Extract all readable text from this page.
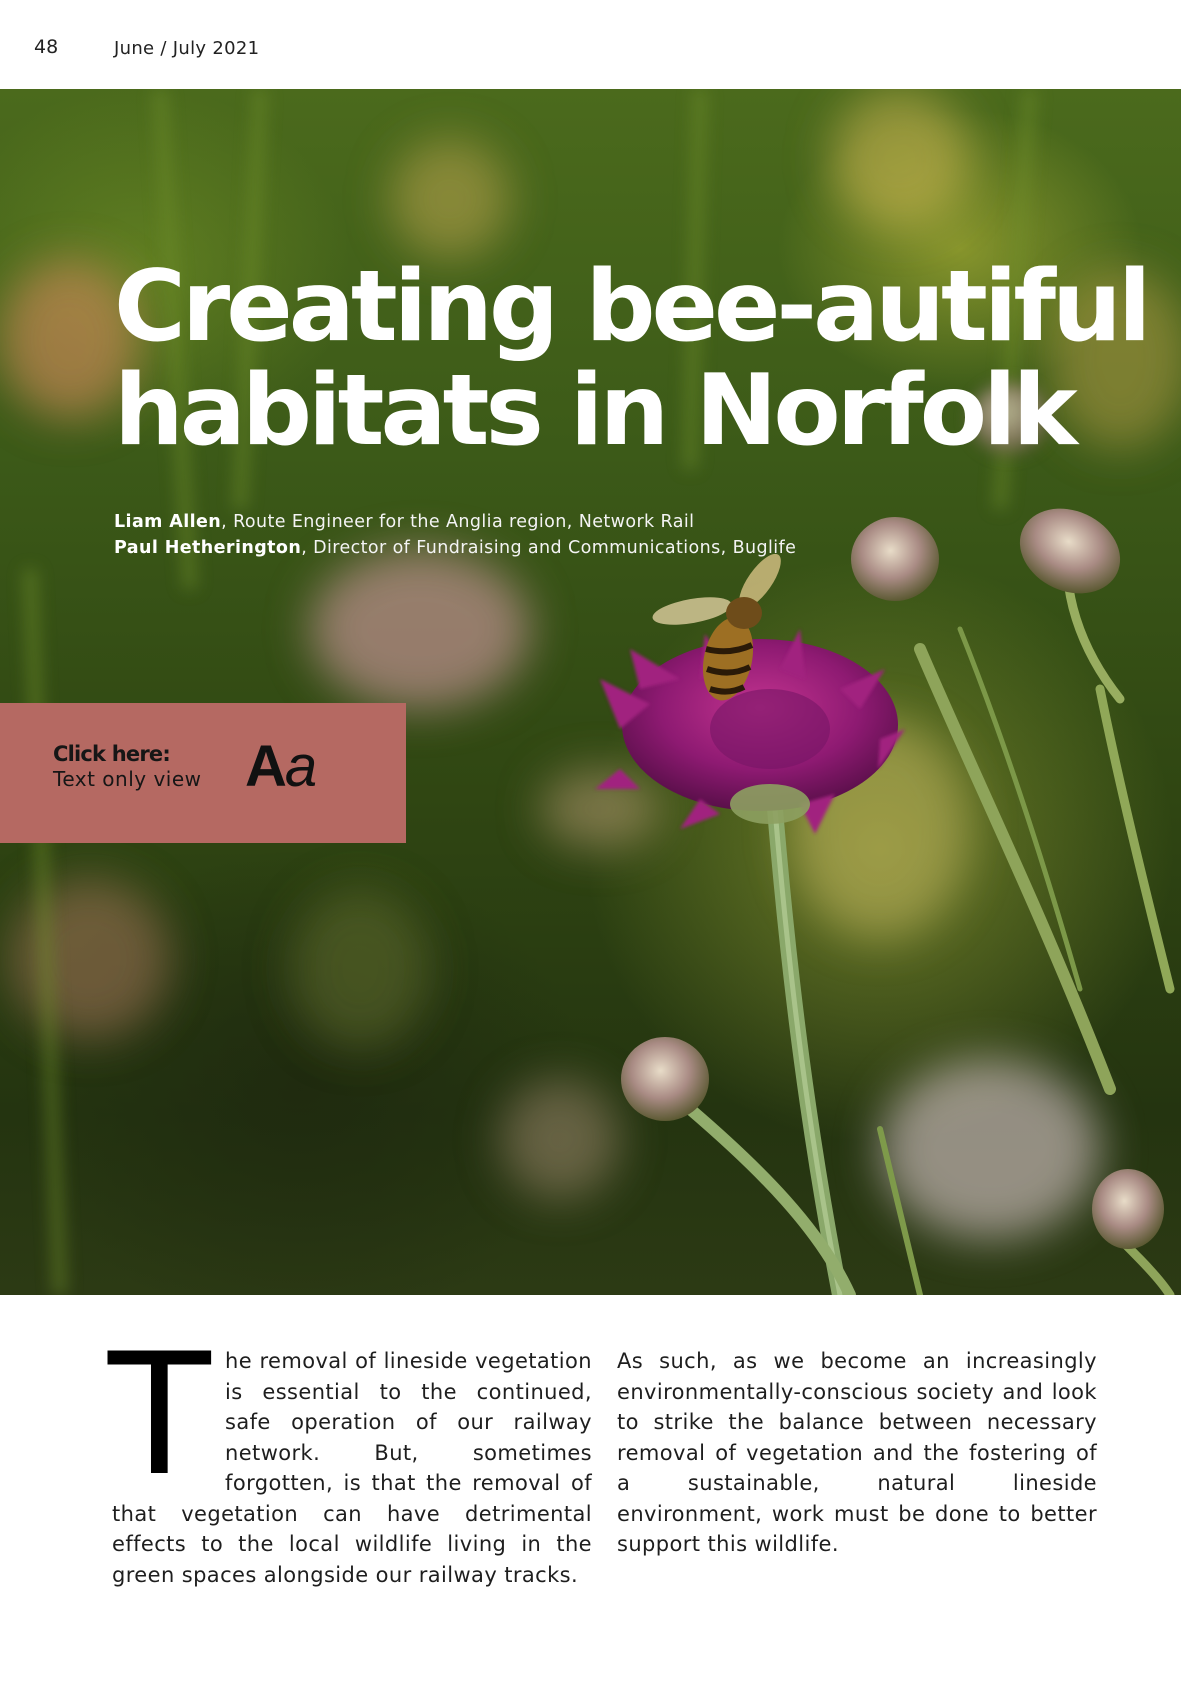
48	June / July 2021
Creating bee-autiful
habitats in Norfolk
Liam Allen, Route Engineer for the Anglia region, Network Rail
Paul Hetherington, Director of Fundraising and Communications, Buglife
Click here:
Text only view Aa
The removal of lineside vegetation is essential to the continued, safe operation of our railway network. But, sometimes forgotten, is that the removal of that vegetation can have detrimental effects to the local wildlife living in the green spaces alongside our railway tracks.
As such, as we become an increasingly environmentally-conscious society and look to strike the balance between necessary removal of vegetation and the fostering of a sustainable, natural lineside environment, work must be done to better support this wildlife.
